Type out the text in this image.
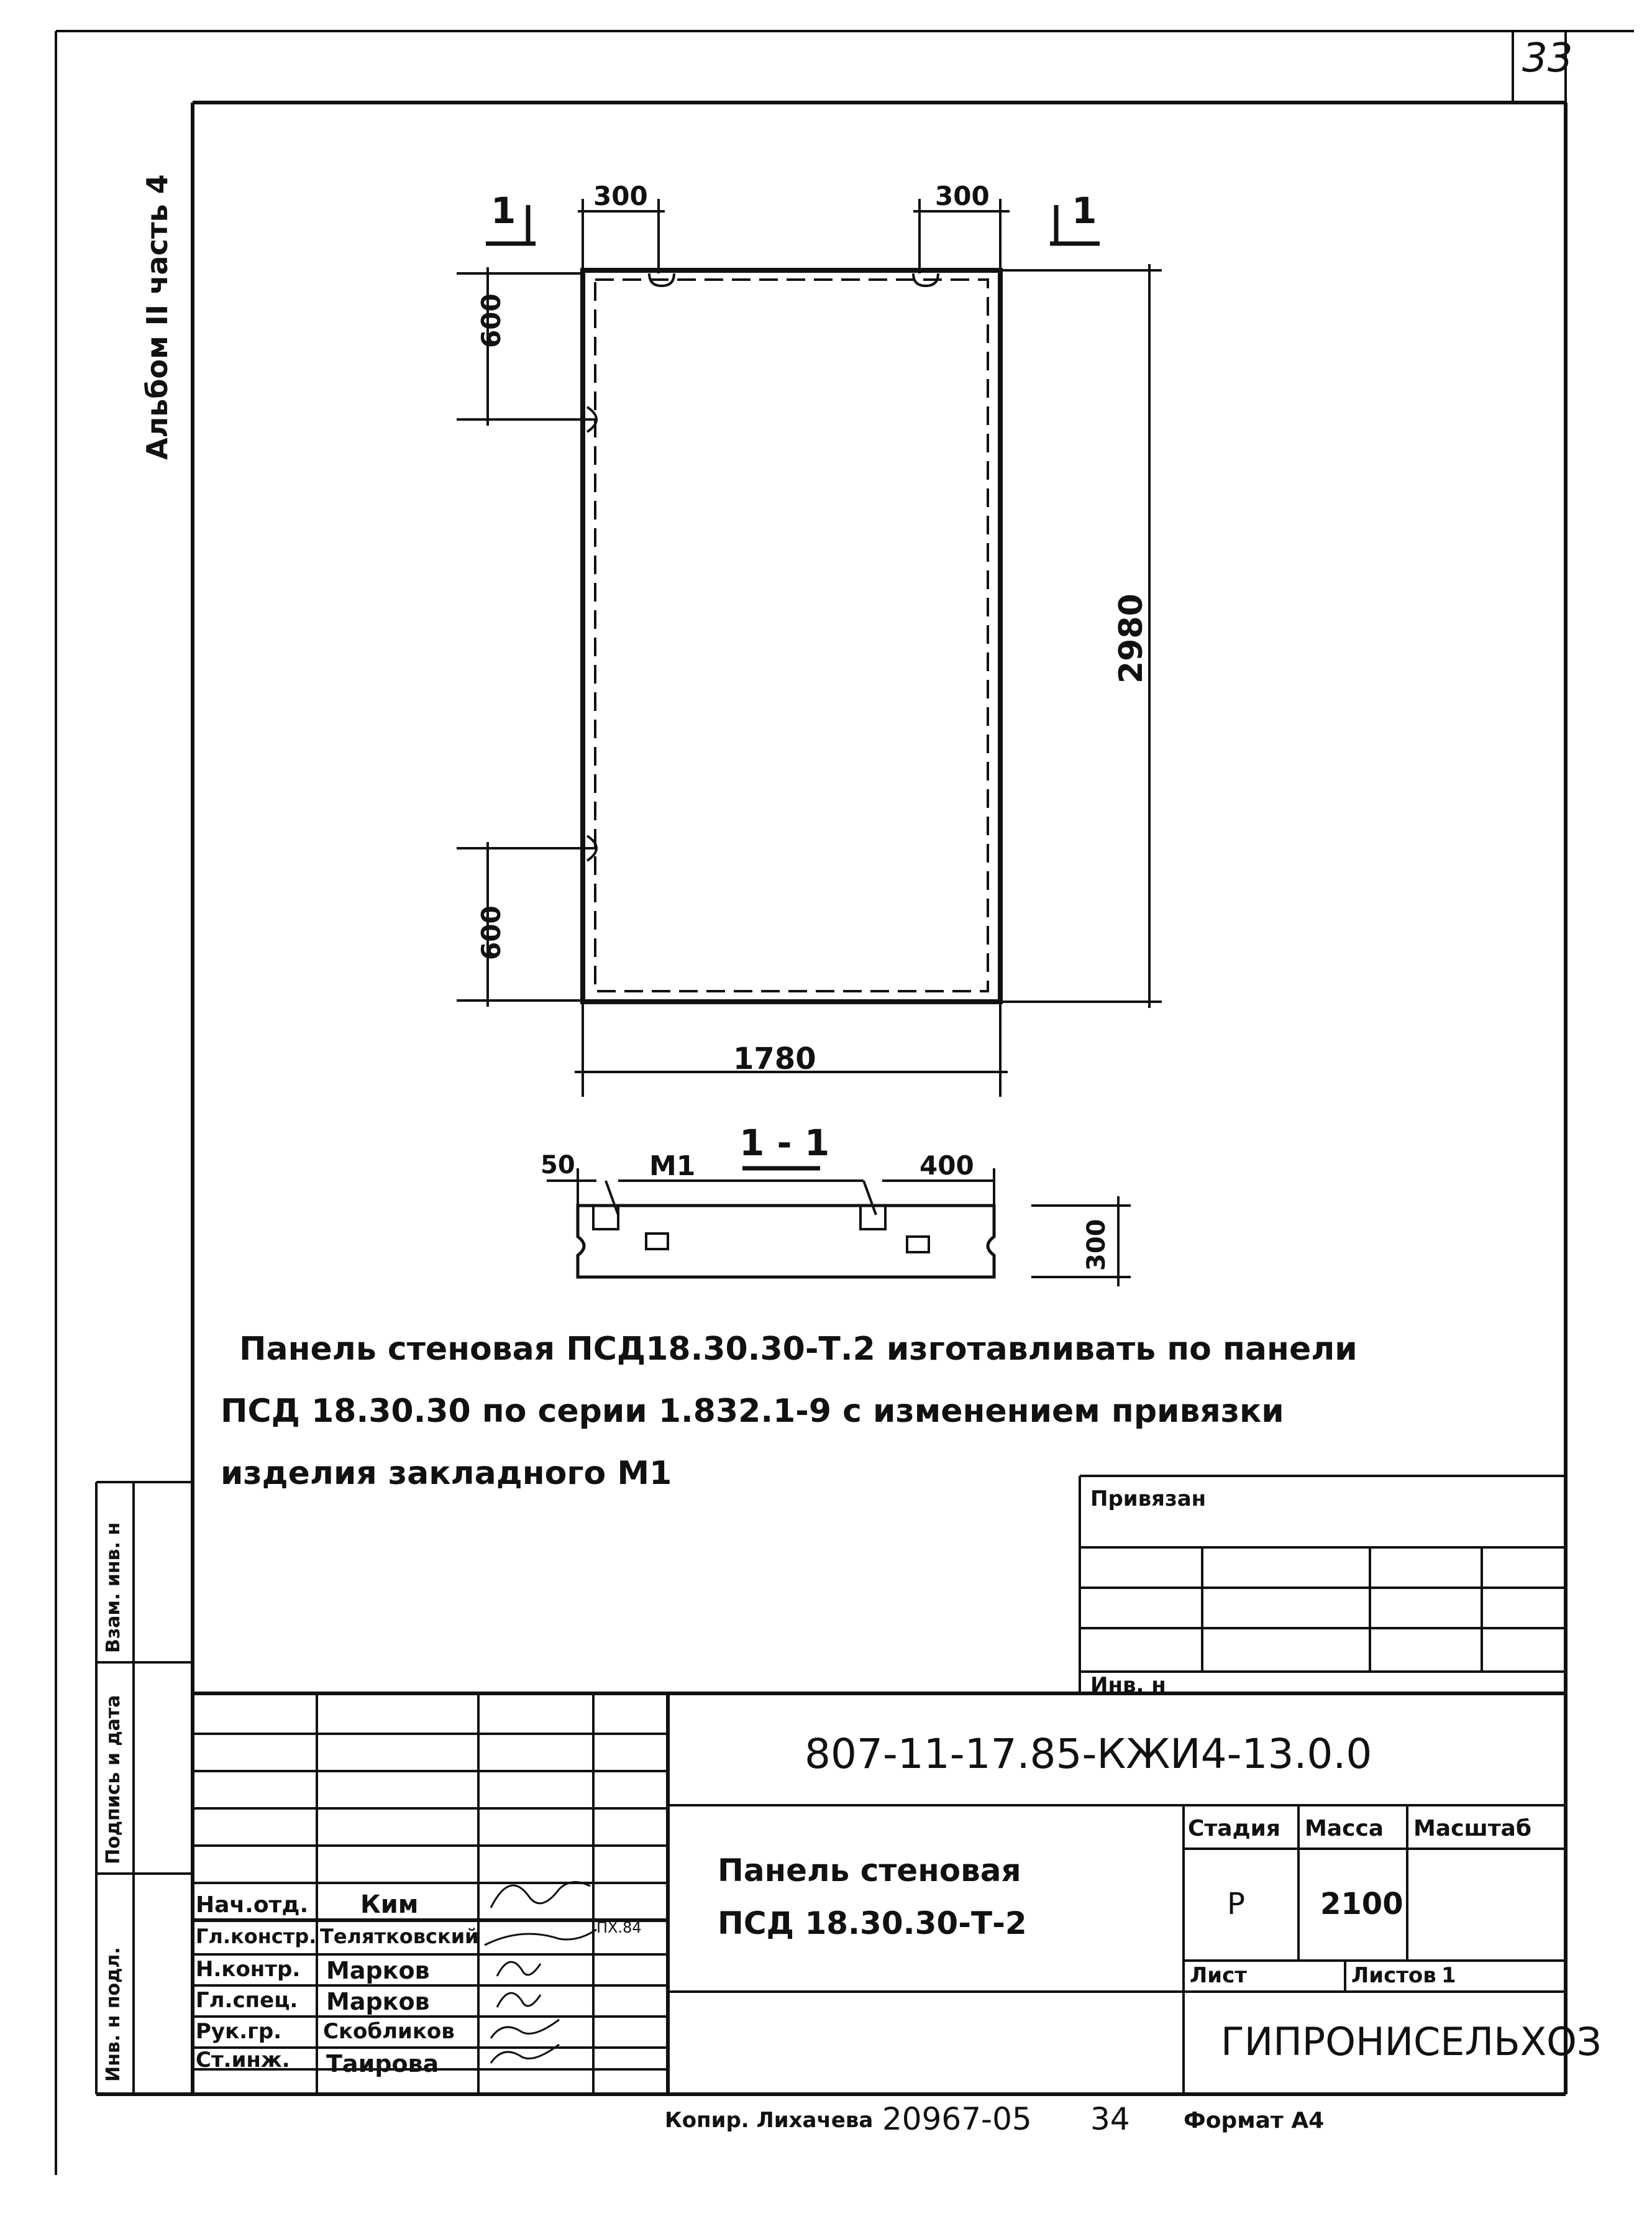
33
Альбом II часть 4
Инв. н подл.
Подпись и дата
Взам. инв. н
1	1
300	300
600
600
2980
1780
1 - 1
50	М1	400
300
Панель стеновая ПСД18.30.30-Т.2 изготавливать по панели
ПСД 18.30.30 по серии 1.832.1-9 с изменением привязки
изделия закладного М1
Привязан
Инв. н
807-11-17.85-КЖИ4-13.0.0
Панель стеновая
ПСД 18.30.30-Т-2
Стадия Масса Масштаб
Р	2100
Лист	Листов 1
ГИПРОНИСЕЛЬХОЗ
Нач.отд. Ким
Гл.констр. Телятковский
Н.контр. Марков
Гл.спец. Марков
Рук.гр. Скобликов
Ст.инж. Таирова
ПХ.84
Копир. Лихачева 20967-05 34 Формат А4
